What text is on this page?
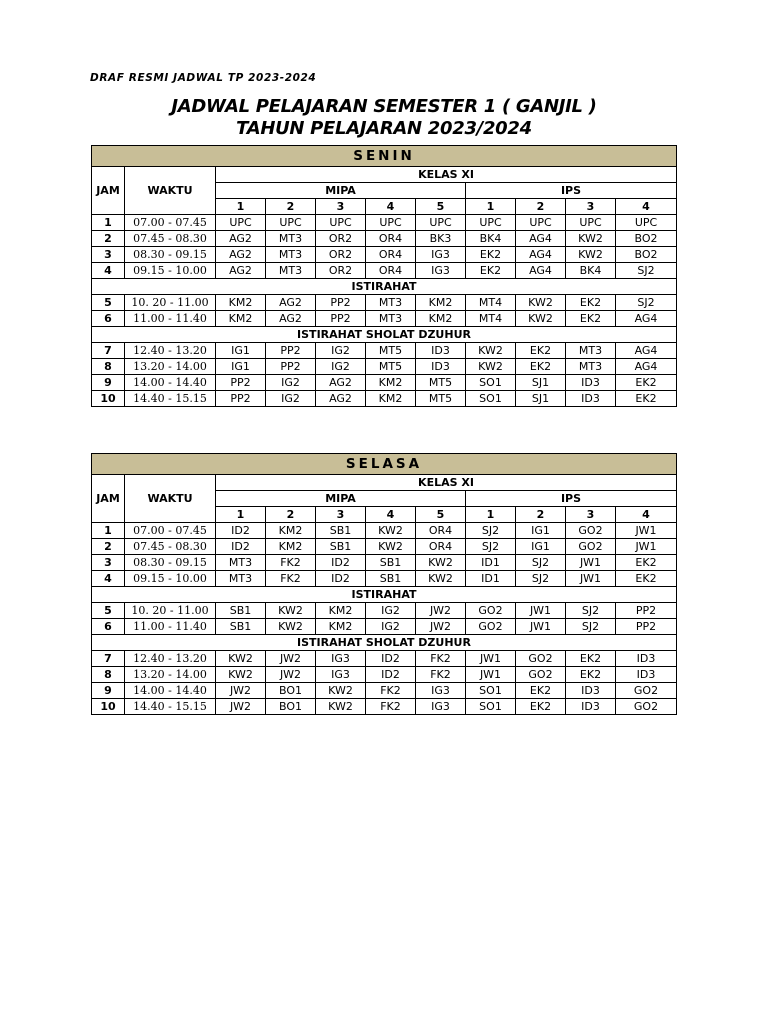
DRAF RESMI JADWAL TP 2023-2024
JADWAL PELAJARAN SEMESTER 1 ( GANJIL )
TAHUN PELAJARAN 2023/2024
SENIN										
JAM	WAKTU	KELAS XI								
		MIPA					IPS			
		1	2	3	4	5	1	2	3	4
1	07.00 - 07.45	UPC	UPC	UPC	UPC	UPC	UPC	UPC	UPC	UPC
2	07.45 - 08.30	AG2	MT3	OR2	OR4	BK3	BK4	AG4	KW2	BO2
3	08.30 - 09.15	AG2	MT3	OR2	OR4	IG3	EK2	AG4	KW2	BO2
4	09.15 - 10.00	AG2	MT3	OR2	OR4	IG3	EK2	AG4	BK4	SJ2
ISTIRAHAT										
5	10. 20 - 11.00	KM2	AG2	PP2	MT3	KM2	MT4	KW2	EK2	SJ2
6	11.00 - 11.40	KM2	AG2	PP2	MT3	KM2	MT4	KW2	EK2	AG4
ISTIRAHAT SHOLAT DZUHUR										
7	12.40 - 13.20	IG1	PP2	IG2	MT5	ID3	KW2	EK2	MT3	AG4
8	13.20 - 14.00	IG1	PP2	IG2	MT5	ID3	KW2	EK2	MT3	AG4
9	14.00 - 14.40	PP2	IG2	AG2	KM2	MT5	SO1	SJ1	ID3	EK2
10	14.40 - 15.15	PP2	IG2	AG2	KM2	MT5	SO1	SJ1	ID3	EK2
SELASA										
JAM	WAKTU	KELAS XI								
		MIPA					IPS			
		1	2	3	4	5	1	2	3	4
1	07.00 - 07.45	ID2	KM2	SB1	KW2	OR4	SJ2	IG1	GO2	JW1
2	07.45 - 08.30	ID2	KM2	SB1	KW2	OR4	SJ2	IG1	GO2	JW1
3	08.30 - 09.15	MT3	FK2	ID2	SB1	KW2	ID1	SJ2	JW1	EK2
4	09.15 - 10.00	MT3	FK2	ID2	SB1	KW2	ID1	SJ2	JW1	EK2
ISTIRAHAT										
5	10. 20 - 11.00	SB1	KW2	KM2	IG2	JW2	GO2	JW1	SJ2	PP2
6	11.00 - 11.40	SB1	KW2	KM2	IG2	JW2	GO2	JW1	SJ2	PP2
ISTIRAHAT SHOLAT DZUHUR										
7	12.40 - 13.20	KW2	JW2	IG3	ID2	FK2	JW1	GO2	EK2	ID3
8	13.20 - 14.00	KW2	JW2	IG3	ID2	FK2	JW1	GO2	EK2	ID3
9	14.00 - 14.40	JW2	BO1	KW2	FK2	IG3	SO1	EK2	ID3	GO2
10	14.40 - 15.15	JW2	BO1	KW2	FK2	IG3	SO1	EK2	ID3	GO2
